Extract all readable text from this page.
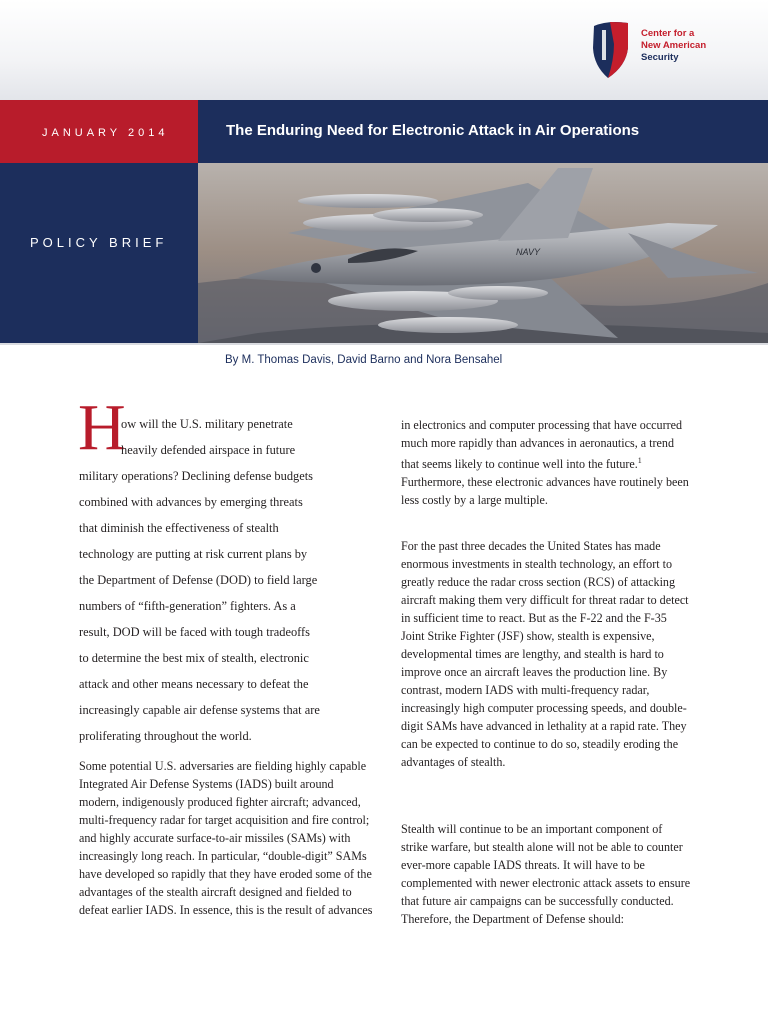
Center for a
New American
Security
JANUARY 2014	The Enduring Need for Electronic Attack in Air Operations
POLICY BRIEF
NAVY
By M. Thomas Davis, David Barno and Nora Bensahel
H
ow will the U.S. military penetrate
heavily defended airspace in future
military operations? Declining defense budgets
combined with advances by emerging threats
that diminish the effectiveness of stealth
technology are putting at risk current plans by
the Department of Defense (DOD) to field large
numbers of “fifth-generation” fighters. As a
result, DOD will be faced with tough tradeoffs
to determine the best mix of stealth, electronic
attack and other means necessary to defeat the
increasingly capable air defense systems that are
proliferating throughout the world.

Some potential U.S. adversaries are fielding highly capable Integrated Air Defense Systems (IADS) built around modern, indigenously produced fighter aircraft; advanced, multi-frequency radar for target acquisition and fire control; and highly accurate surface-to-air missiles (SAMs) with increasingly long reach. In particular, “double-digit” SAMs have developed so rapidly that they have eroded some of the advantages of the stealth aircraft designed and fielded to defeat earlier IADS. In essence, this is the result of advances

in electronics and computer processing that have occurred much more rapidly than advances in aeronautics, a trend that seems likely to continue well into the future.$^1$ Furthermore, these electronic advances have routinely been less costly by a large multiple.

For the past three decades the United States has made enormous investments in stealth technology, an effort to greatly reduce the radar cross section (RCS) of attacking aircraft making them very difficult for threat radar to detect in sufficient time to react. But as the F-22 and the F-35 Joint Strike Fighter (JSF) show, stealth is expensive, developmental times are lengthy, and stealth is hard to improve once an aircraft leaves the production line. By contrast, modern IADS with multi-frequency radar, increasingly high computer processing speeds, and double-digit SAMs have advanced in lethality at a rapid rate. They can be expected to continue to do so, steadily eroding the advantages of stealth.

Stealth will continue to be an important component of strike warfare, but stealth alone will not be able to counter ever-more capable IADS threats. It will have to be complemented with newer electronic attack assets to ensure that future air campaigns can be successfully conducted. Therefore, the Department of Defense should:
